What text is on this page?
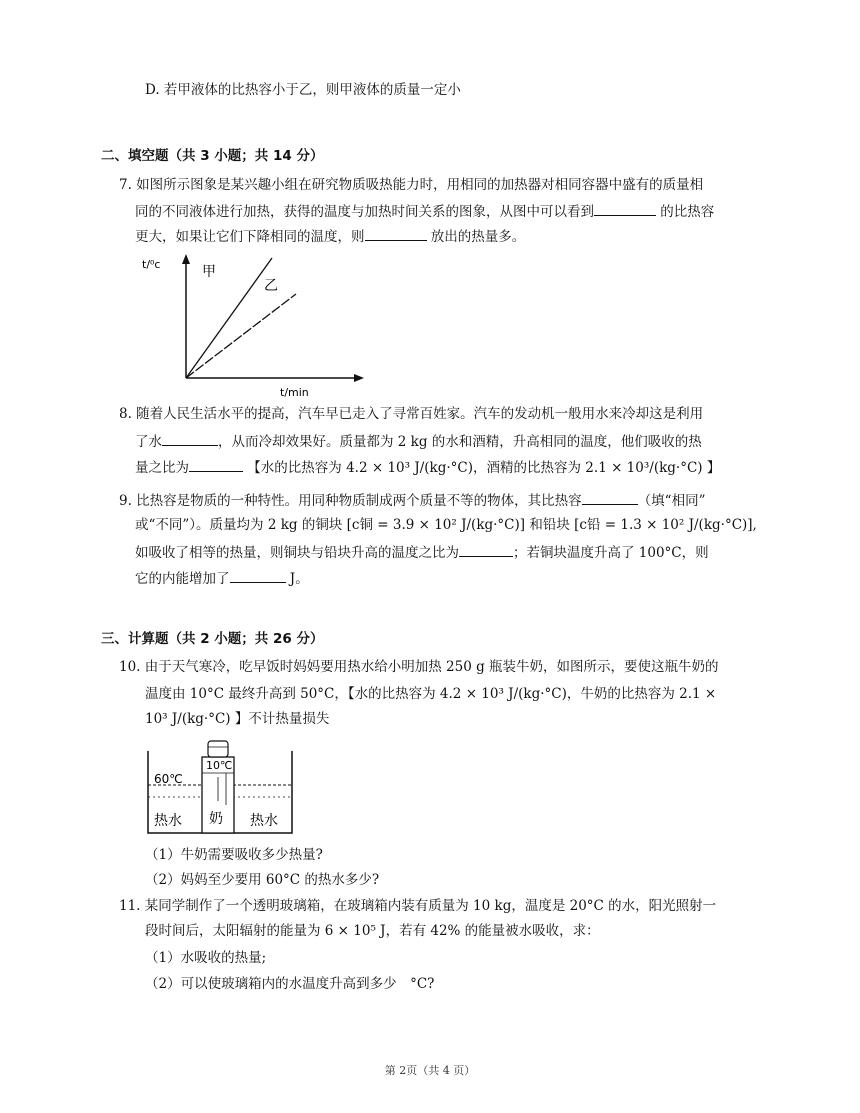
D. 若甲液体的比热容小于乙，则甲液体的质量一定小
二、填空题（共 3 小题；共 14 分）
7. 如图所示图象是某兴趣小组在研究物质吸热能力时，用相同的加热器对相同容器中盛有的质量相
同的不同液体进行加热，获得的温度与加热时间关系的图象，从图中可以看到	的比热容
更大，如果让它们下降相同的温度，则	放出的热量多。
t/⁰c	甲
乙
t/min
8. 随着人民生活水平的提高，汽车早已走入了寻常百姓家。汽车的发动机一般用水来冷却这是利用
了水	，从而冷却效果好。质量都为 2 kg 的水和酒精，升高相同的温度，他们吸收的热
量之比为	【水的比热容为 4.2 × 10³ J/(kg·°C)，酒精的比热容为 2.1 × 10³/(kg·°C) 】
9. 比热容是物质的一种特性。用同种物质制成两个质量不等的物体，其比热容	（填“相同”
或“不同”）。质量均为 2 kg 的铜块 [c铜 = 3.9 × 10² J/(kg·°C)] 和铅块 [c铅 = 1.3 × 10² J/(kg·°C)],
如吸收了相等的热量，则铜块与铅块升高的温度之比为	；若铜块温度升高了 100°C，则
它的内能增加了	J。
三、计算题（共 2 小题；共 26 分）
10. 由于天气寒冷，吃早饭时妈妈要用热水给小明加热 250 g 瓶装牛奶，如图所示，要使这瓶牛奶的
温度由 10°C 最终升高到 50°C，【水的比热容为 4.2 × 10³ J/(kg·°C)，牛奶的比热容为 2.1 ×
10³ J/(kg·°C) 】不计热量损失
60℃
10℃
热水 奶 热水
（1）牛奶需要吸收多少热量?
（2）妈妈至少要用 60°C 的热水多少?
11. 某同学制作了一个透明玻璃箱，在玻璃箱内装有质量为 10 kg，温度是 20°C 的水，阳光照射一
段时间后，太阳辐射的能量为 6 × 10⁵ J，若有 42% 的能量被水吸收，求：
（1）水吸收的热量;
（2）可以使玻璃箱内的水温度升高到多少　°C?
第 2页（共 4 页）
